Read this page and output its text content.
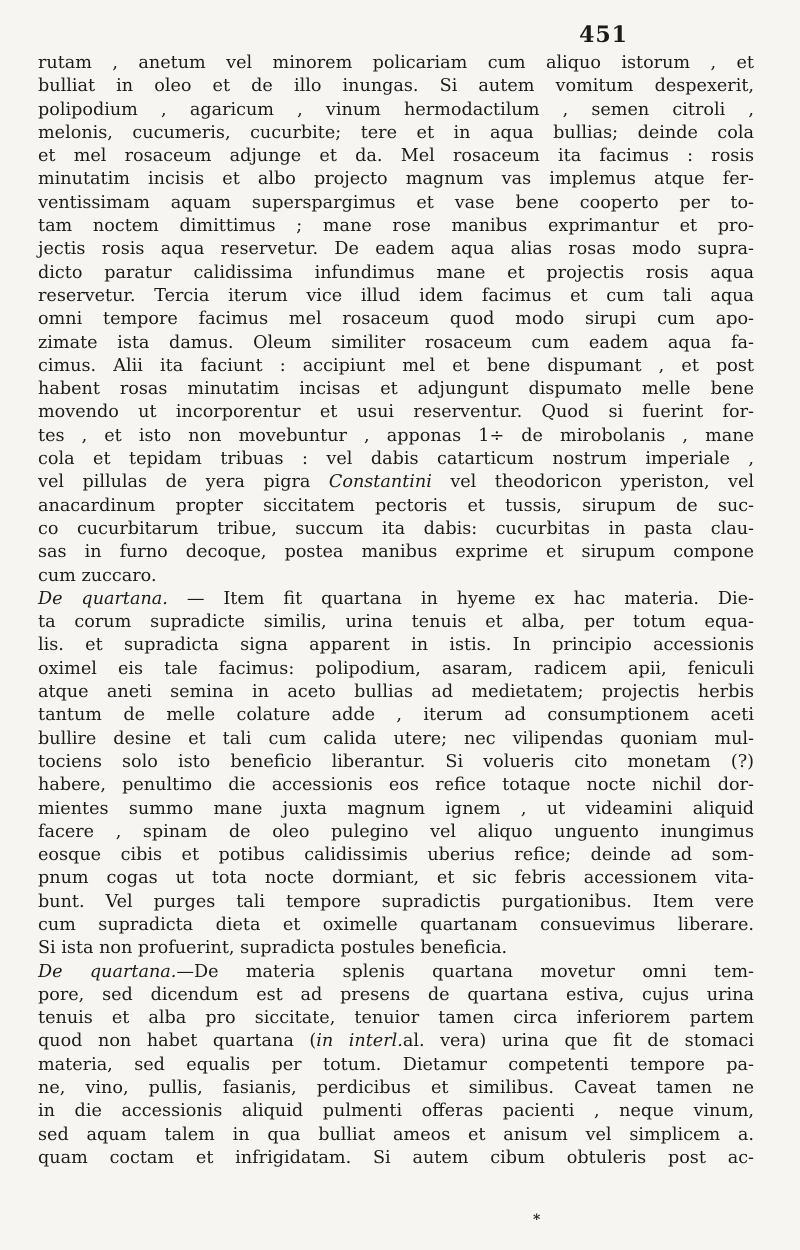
451
rutam , anetum vel minorem policariam cum aliquo istorum , et
bulliat in oleo et de illo inungas. Si autem vomitum despexerit,
polipodium , agaricum , vinum hermodactilum , semen citroli ,
melonis, cucumeris, cucurbite; tere et in aqua bullias; deinde cola
et mel rosaceum adjunge et da. Mel rosaceum ita facimus : rosis
minutatim incisis et albo projecto magnum vas implemus atque fer-
ventissimam aquam superspargimus et vase bene cooperto per to-
tam noctem dimittimus ; mane rose manibus exprimantur et pro-
jectis rosis aqua reservetur. De eadem aqua alias rosas modo supra-
dicto paratur calidissima infundimus mane et projectis rosis aqua
reservetur. Tercia iterum vice illud idem facimus et cum tali aqua
omni tempore facimus mel rosaceum quod modo sirupi cum apo-
zimate ista damus. Oleum similiter rosaceum cum eadem aqua fa-
cimus. Alii ita faciunt : accipiunt mel et bene dispumant , et post
habent rosas minutatim incisas et adjungunt dispumato melle bene
movendo ut incorporentur et usui reserventur. Quod si fuerint for-
tes , et isto non movebuntur , apponas 1÷ de mirobolanis , mane
cola et tepidam tribuas : vel dabis catarticum nostrum imperiale ,
vel pillulas de yera pigra Constantini vel theodoricon yperiston, vel
anacardinum propter siccitatem pectoris et tussis, sirupum de suc-
co cucurbitarum tribue, succum ita dabis: cucurbitas in pasta clau-
sas in furno decoque, postea manibus exprime et sirupum compone
cum zuccaro.
De quartana. — Item fit quartana in hyeme ex hac materia. Die-
ta corum supradicte similis, urina tenuis et alba, per totum equa-
lis. et supradicta signa apparent in istis. In principio accessionis
oximel eis tale facimus: polipodium, asaram, radicem apii, feniculi
atque aneti semina in aceto bullias ad medietatem; projectis herbis
tantum de melle colature adde , iterum ad consumptionem aceti
bullire desine et tali cum calida utere; nec vilipendas quoniam mul-
tociens solo isto beneficio liberantur. Si volueris cito monetam (?)
habere, penultimo die accessionis eos refice totaque nocte nichil dor-
mientes summo mane juxta magnum ignem , ut videamini aliquid
facere , spinam de oleo pulegino vel aliquo unguento inungimus
eosque cibis et potibus calidissimis uberius refice; deinde ad som-
pnum cogas ut tota nocte dormiant, et sic febris accessionem vita-
bunt. Vel purges tali tempore supradictis purgationibus. Item vere
cum supradicta dieta et oximelle quartanam consuevimus liberare.
Si ista non profuerint, supradicta postules beneficia.
De quartana.—De materia splenis quartana movetur omni tem-
pore, sed dicendum est ad presens de quartana estiva, cujus urina
tenuis et alba pro siccitate, tenuior tamen circa inferiorem partem
quod non habet quartana (in interl.al. vera) urina que fit de stomaci
materia, sed equalis per totum. Dietamur competenti tempore pa-
ne, vino, pullis, fasianis, perdicibus et similibus. Caveat tamen ne
in die accessionis aliquid pulmenti offeras pacienti , neque vinum,
sed aquam talem in qua bulliat ameos et anisum vel simplicem a.
quam coctam et infrigidatam. Si autem cibum obtuleris post ac-
*
